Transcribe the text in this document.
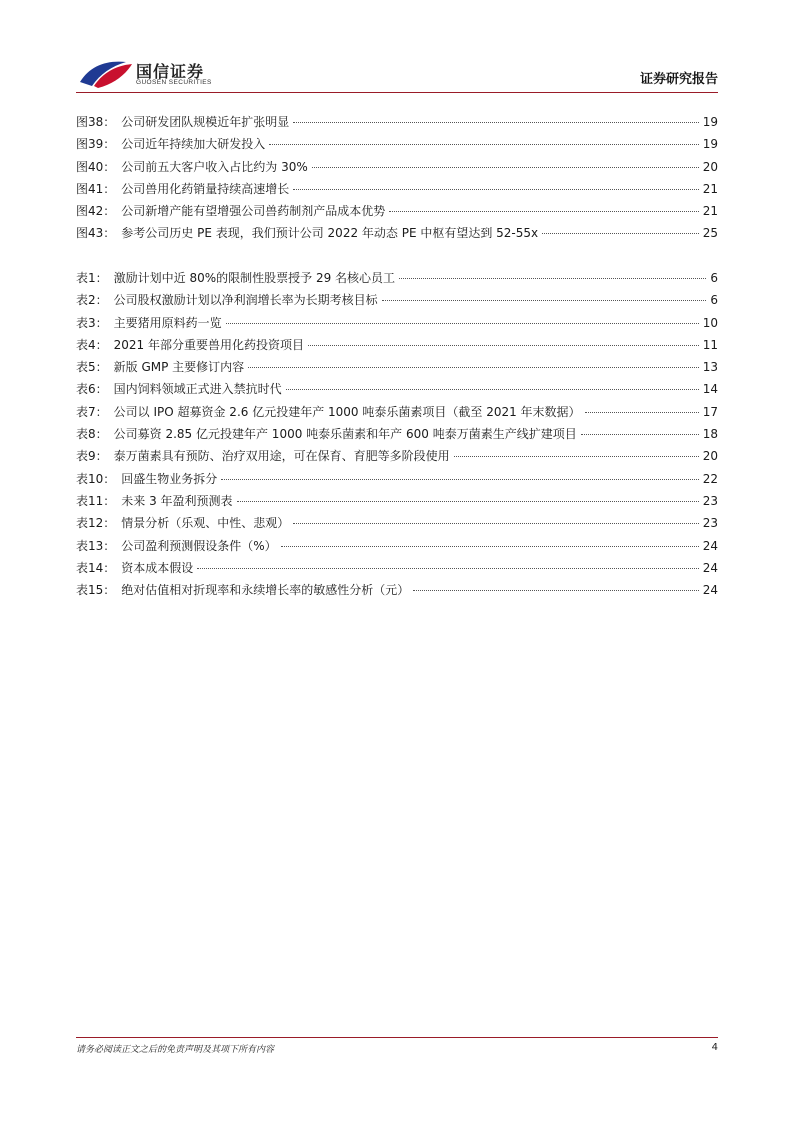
国信证券
GUOSEN SECURITIES	证券研究报告
图38： 公司研发团队规模近年扩张明显	19
图39： 公司近年持续加大研发投入	19
图40： 公司前五大客户收入占比约为 30%	20
图41： 公司兽用化药销量持续高速增长	21
图42： 公司新增产能有望增强公司兽药制剂产品成本优势	21
图43： 参考公司历史 PE 表现，我们预计公司 2022 年动态 PE 中枢有望达到 52-55x	25
表1： 激励计划中近 80%的限制性股票授予 29 名核心员工	6
表2： 公司股权激励计划以净利润增长率为长期考核目标	6
表3： 主要猪用原料药一览	10
表4： 2021 年部分重要兽用化药投资项目	11
表5： 新版 GMP 主要修订内容	13
表6： 国内饲料领域正式进入禁抗时代	14
表7： 公司以 IPO 超募资金 2.6 亿元投建年产 1000 吨泰乐菌素项目（截至 2021 年末数据）	17
表8： 公司募资 2.85 亿元投建年产 1000 吨泰乐菌素和年产 600 吨泰万菌素生产线扩建项目	18
表9： 泰万菌素具有预防、治疗双用途，可在保育、育肥等多阶段使用	20
表10： 回盛生物业务拆分	22
表11： 未来 3 年盈利预测表	23
表12： 情景分析（乐观、中性、悲观）	23
表13： 公司盈利预测假设条件（%）	24
表14： 资本成本假设	24
表15： 绝对估值相对折现率和永续增长率的敏感性分析（元）	24
请务必阅读正文之后的免责声明及其项下所有内容	4
